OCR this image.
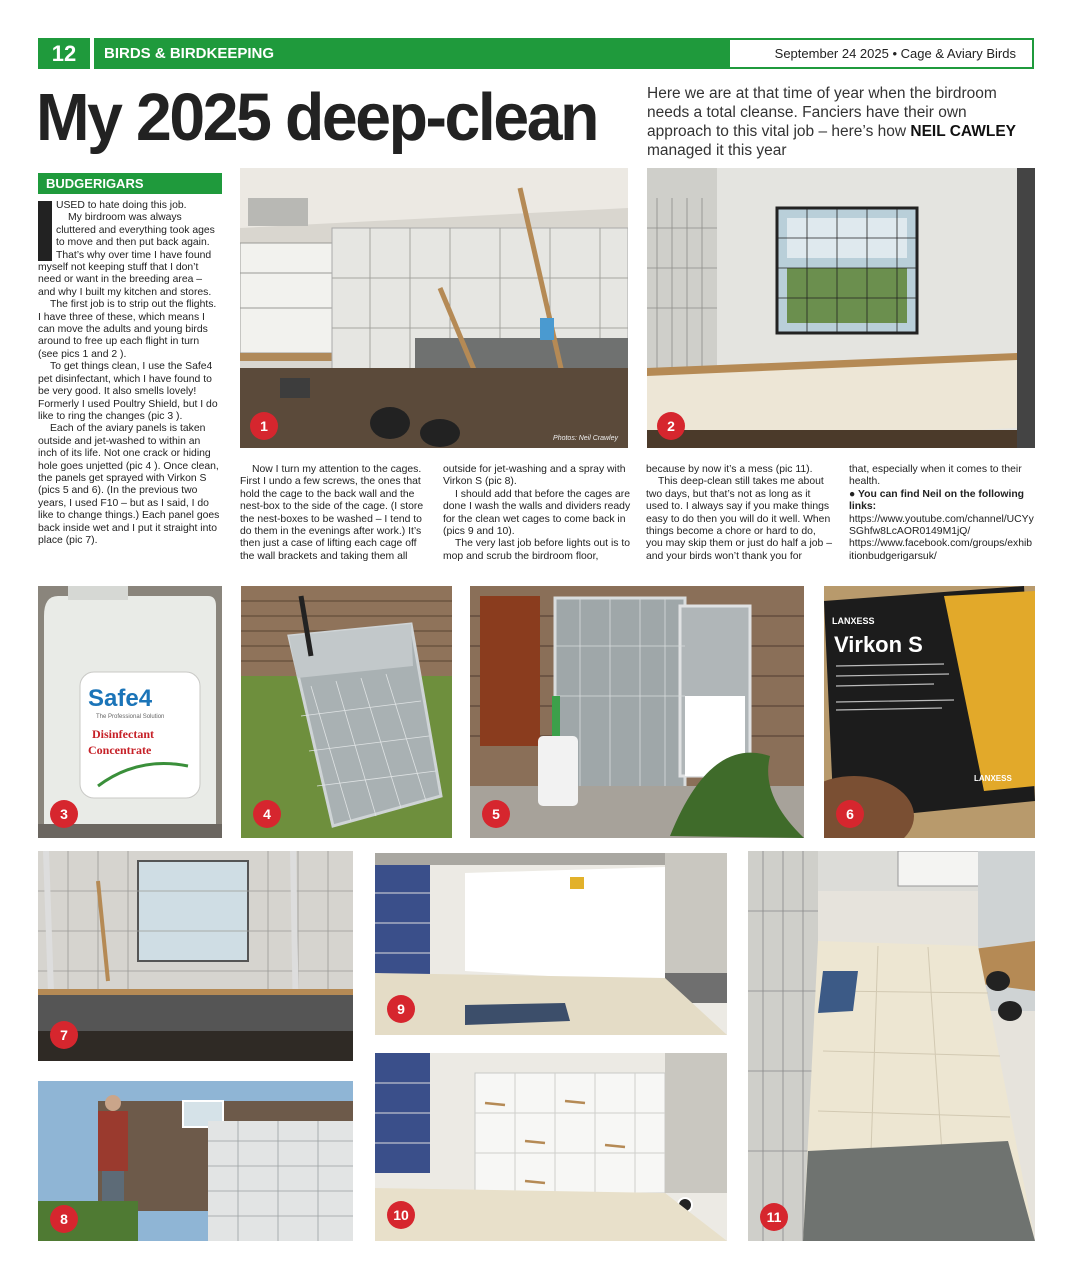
12	BIRDS & BIRDKEEPING	September 24 2025 • Cage & Aviary Birds
My 2025 deep-clean	Here we are at that time of year when the birdroom needs a total cleanse. Fanciers have their own approach to this vital job – here’s how NEIL CAWLEY managed it this year
BUDGERIGARS

USED to hate doing this job.

My birdroom was always cluttered and everything took ages to move and then put back again. That’s why over time I have found myself not keeping stuff that I don’t need or want in the breeding area – and why I built my kitchen and stores.

The first job is to strip out the flights. I have three of these, which means I can move the adults and young birds around to free up each flight in turn (see pics 1 and 2 ).

To get things clean, I use the Safe4 pet disinfectant, which I have found to be very good. It also smells lovely! Formerly I used Poultry Shield, but I do like to ring the changes (pic 3 ).

Each of the aviary panels is taken outside and jet-washed to within an inch of its life. Not one crack or hiding hole goes unjetted (pic 4 ). Once clean, the panels get sprayed with Virkon S (pics 5 and 6). (In the previous two years, I used F10 – but as I said, I do like to change things.) Each panel goes back inside wet and I put it straight into place (pic 7).

Now I turn my attention to the cages. First I undo a few screws, the ones that hold the cage to the back wall and the nest-box to the side of the cage. (I store the nest-boxes to be washed – I tend to do them in the evenings after work.) It’s then just a case of lifting each cage off the wall brackets and taking them all

outside for jet-washing and a spray with Virkon S (pic 8).

I should add that before the cages are done I wash the walls and dividers ready for the clean wet cages to come back in (pics 9 and 10).

The very last job before lights out is to mop and scrub the birdroom floor,

because by now it’s a mess (pic 11).

This deep-clean still takes me about two days, but that’s not as long as it used to. I always say if you make things easy to do then you will do it well. When things become a chore or hard to do, you may skip them or just do half a job – and your birds won’t thank you for

that, especially when it comes to their health.

● You can find Neil on the following links:

https://www.youtube.com/channel/UCYySGhfw8LcAOR0149M1jQ/

https://www.facebook.com/groups/exhibitionbudgerigarsuk/

Photos: Neil Crawley
1	2
Safe4
The Professional Solution
Disinfectant
Concentrate
3	4	5
LANXESS
Virkon S
LANXESS
6
7
8
9
10	11
